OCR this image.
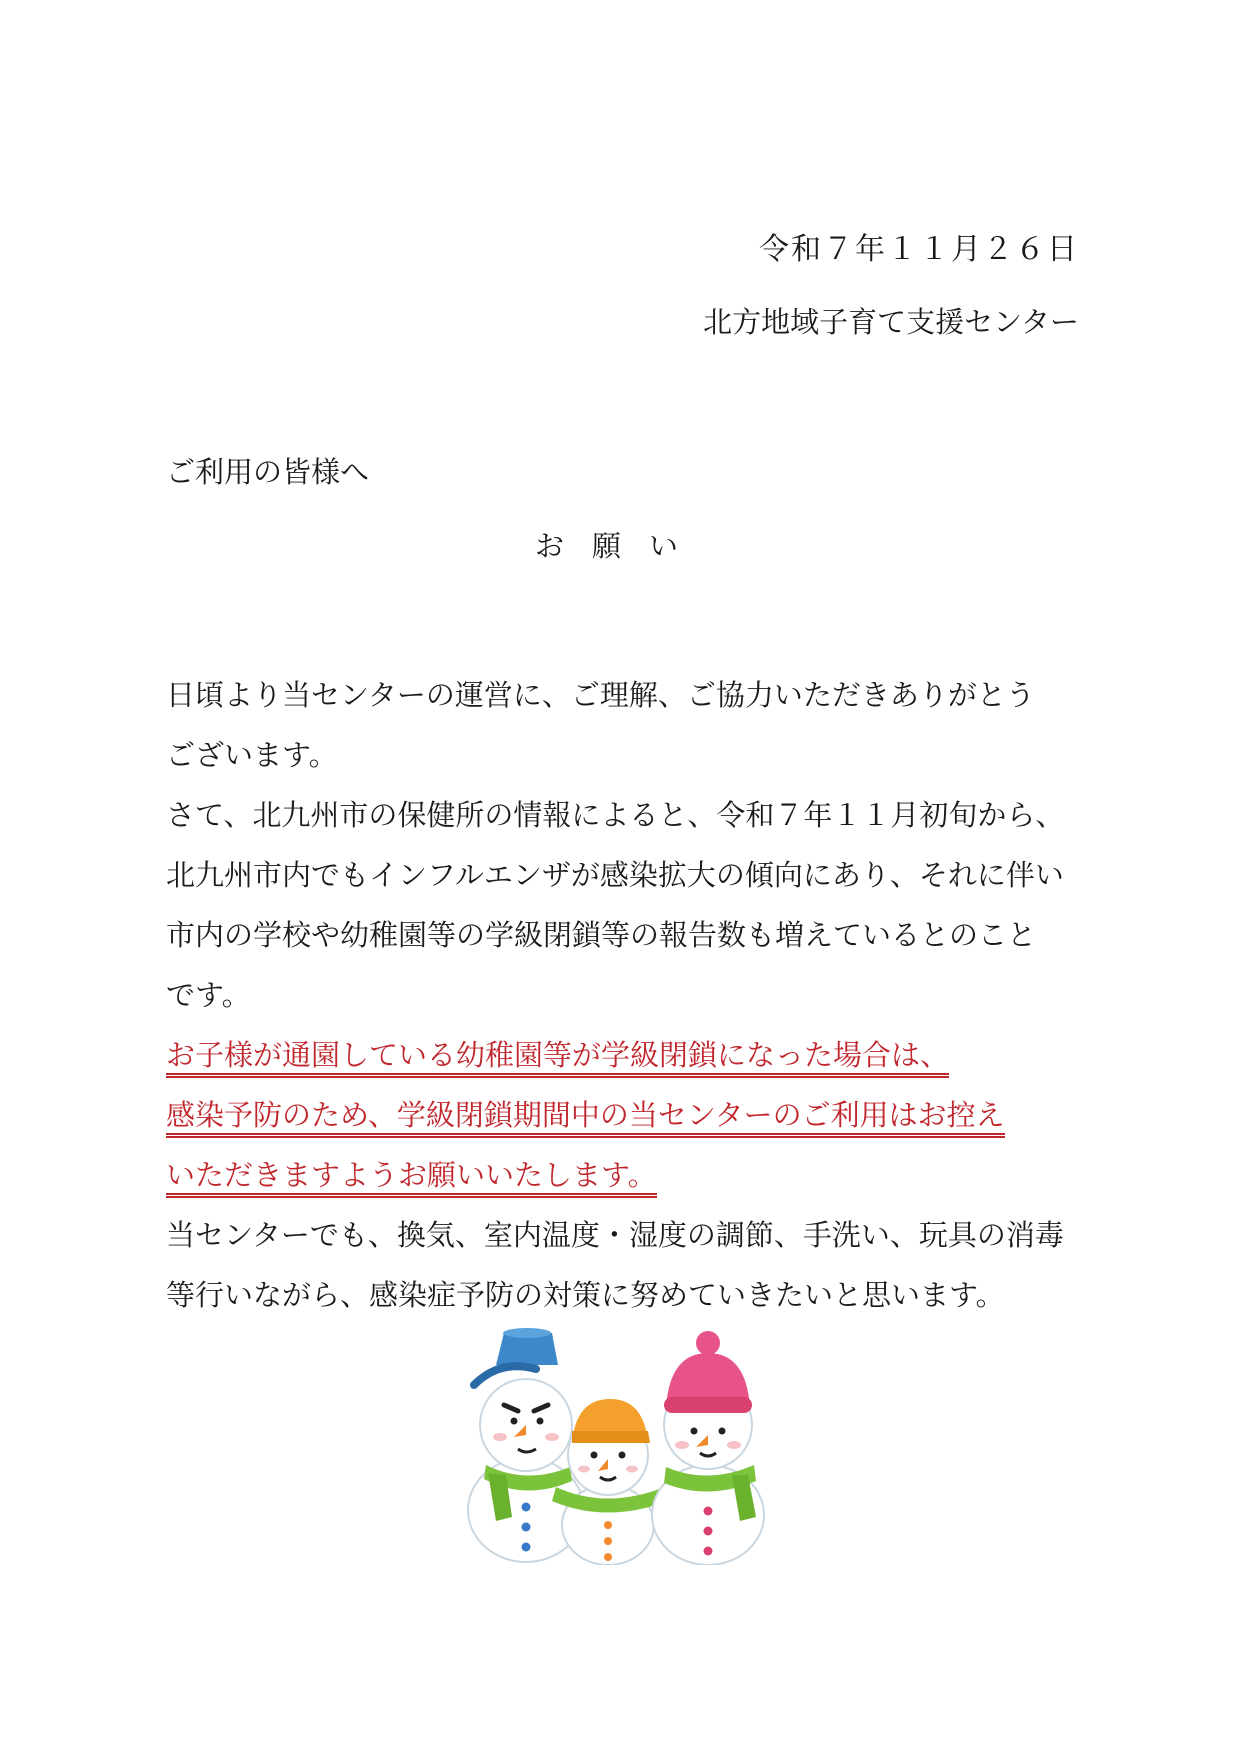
令和７年１１月２６日
北方地域子育て支援センター
ご利用の皆様へ
お願い
日頃より当センターの運営に、ご理解、ご協力いただきありがとう
ございます。
さて、北九州市の保健所の情報によると、令和７年１１月初旬から、
北九州市内でもインフルエンザが感染拡大の傾向にあり、それに伴い
市内の学校や幼稚園等の学級閉鎖等の報告数も増えているとのこと
です。
お子様が通園している幼稚園等が学級閉鎖になった場合は、
感染予防のため、学級閉鎖期間中の当センターのご利用はお控え
いただきますようお願いいたします。
当センターでも、換気、室内温度・湿度の調節、手洗い、玩具の消毒
等行いながら、感染症予防の対策に努めていきたいと思います。
